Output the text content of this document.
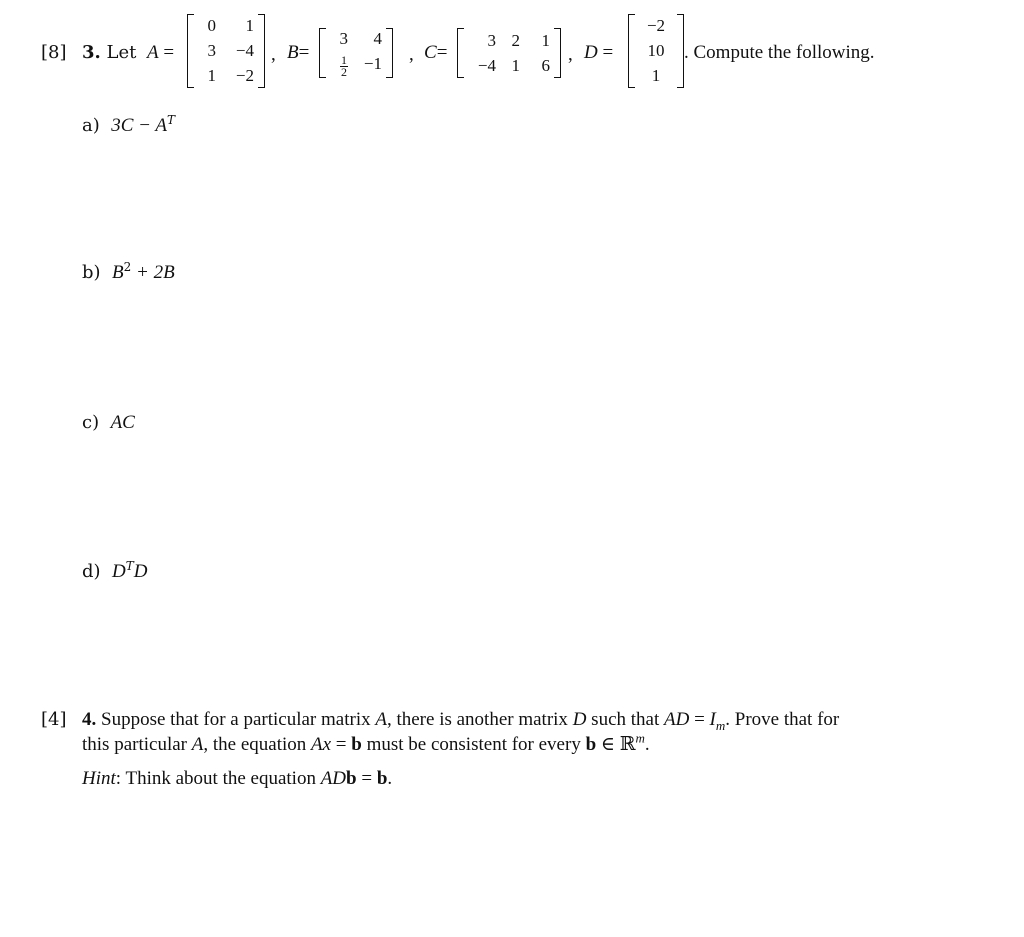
[8] 3. Let A =
0 1
3 −4
1 −2
, B=
3 4
$\frac{1}{2} -1$ , C=
3 2 1
−4 1 6 , D =
−2
10
1
. Compute the following.
a) $3C - A^T$
b) $B^2 + 2B$
c) AC
d) $D^TD$
[4] 4. Suppose that for a particular matrix A, there is another matrix D such that AD = $I_m$. Prove that for
this particular A, the equation Ax = b must be consistent for every b ∈ ℝ$^m$.
Hint: Think about the equation ADb = b.
